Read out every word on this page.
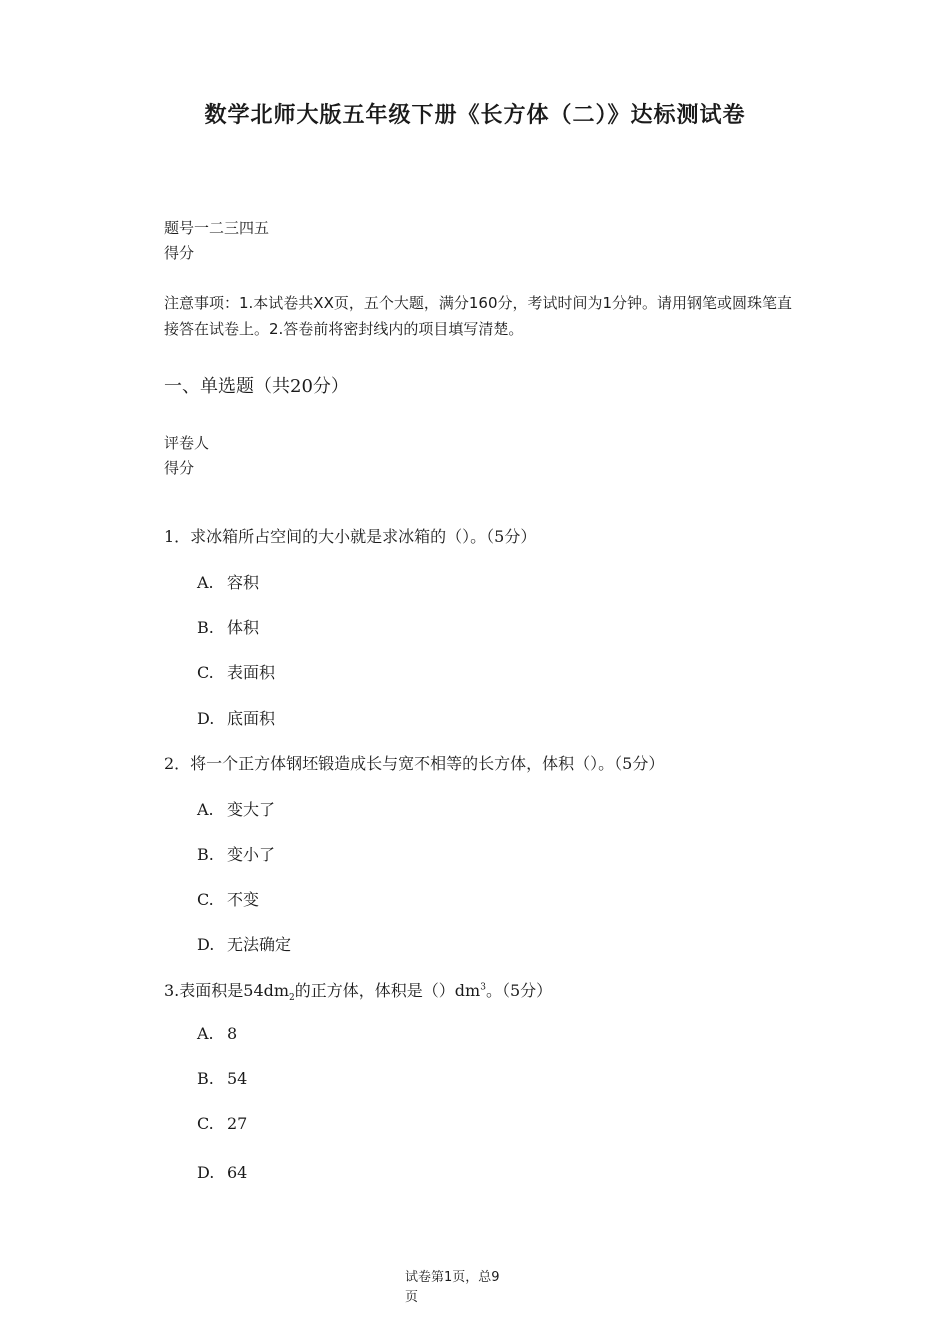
数学北师大版五年级下册《长方体（二）》达标测试卷
题号一二三四五
得分
注意事项：1.本试卷共XX页，五个大题，满分160分，考试时间为1分钟。请用钢笔或圆珠笔直接答在试卷上。2.答卷前将密封线内的项目填写清楚。
一、单选题（共20分）
评卷人
得分
1．求冰箱所占空间的大小就是求冰箱的（）。（5分）
A. 容积
B. 体积
C. 表面积
D. 底面积
2．将一个正方体钢坯锻造成长与宽不相等的长方体，体积（）。（5分）
A. 变大了
B. 变小了
C. 不变
D. 无法确定
3.表面积是$54dm_2$的正方体，体积是$()dm^3$。（5分）
A. 8
B. 54
C. 27
D. 64
试卷第1页，总9
页
